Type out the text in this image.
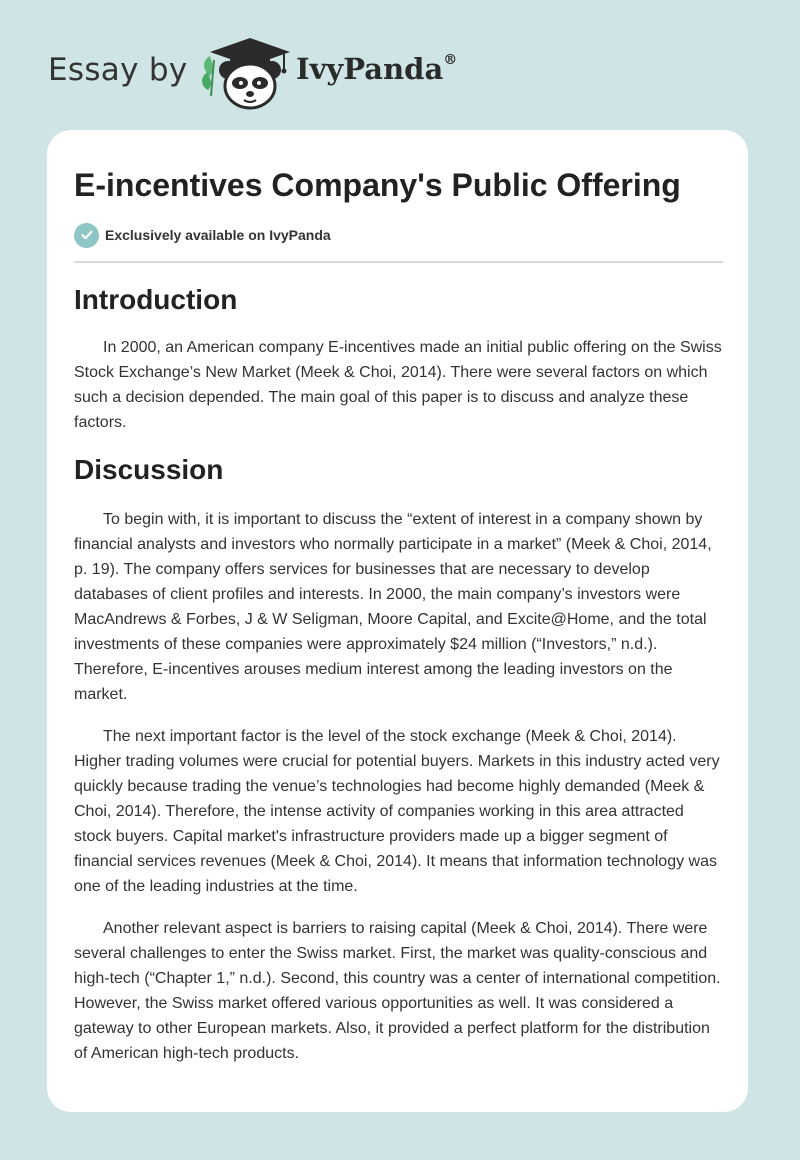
Essay by	IvyPanda®
E-incentives Company's Public Offering
Exclusively available on IvyPanda
Introduction

In 2000, an American company E-incentives made an initial public offering on the Swiss Stock Exchange’s New Market (Meek & Choi, 2014). There were several factors on which such a decision depended. The main goal of this paper is to discuss and analyze these factors.

Discussion

To begin with, it is important to discuss the “extent of interest in a company shown by financial analysts and investors who normally participate in a market” (Meek & Choi, 2014, p. 19). The company offers services for businesses that are necessary to develop databases of client profiles and interests. In 2000, the main company’s investors were MacAndrews & Forbes, J & W Seligman, Moore Capital, and Excite@Home, and the total investments of these companies were approximately $24 million (“Investors,” n.d.). Therefore, E-incentives arouses medium interest among the leading investors on the market.

The next important factor is the level of the stock exchange (Meek & Choi, 2014). Higher trading volumes were crucial for potential buyers. Markets in this industry acted very quickly because trading the venue’s technologies had become highly demanded (Meek & Choi, 2014). Therefore, the intense activity of companies working in this area attracted stock buyers. Capital market's infrastructure providers made up a bigger segment of financial services revenues (Meek & Choi, 2014). It means that information technology was one of the leading industries at the time.

Another relevant aspect is barriers to raising capital (Meek & Choi, 2014). There were several challenges to enter the Swiss market. First, the market was quality-conscious and high-tech (“Chapter 1,” n.d.). Second, this country was a center of international competition. However, the Swiss market offered various opportunities as well. It was considered a gateway to other European markets. Also, it provided a perfect platform for the distribution of American high-tech products.
